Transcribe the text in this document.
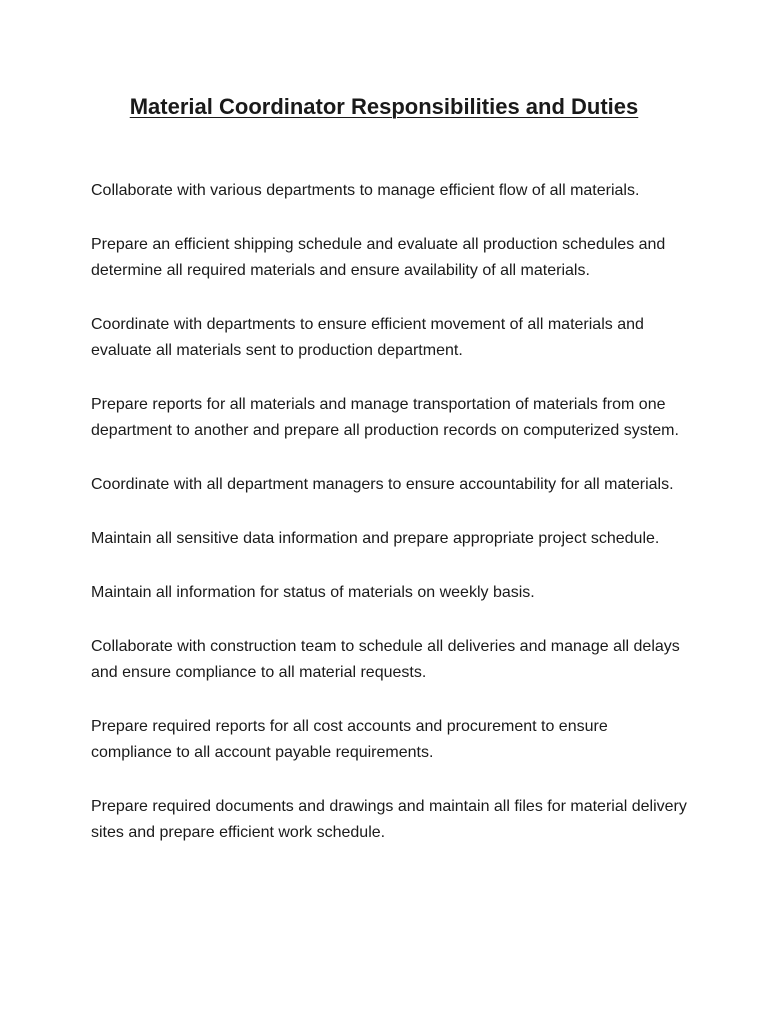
Material Coordinator Responsibilities and Duties
Collaborate with various departments to manage efficient flow of all materials.
Prepare an efficient shipping schedule and evaluate all production schedules and determine all required materials and ensure availability of all materials.
Coordinate with departments to ensure efficient movement of all materials and evaluate all materials sent to production department.
Prepare reports for all materials and manage transportation of materials from one department to another and prepare all production records on computerized system.
Coordinate with all department managers to ensure accountability for all materials.
Maintain all sensitive data information and prepare appropriate project schedule.
Maintain all information for status of materials on weekly basis.
Collaborate with construction team to schedule all deliveries and manage all delays and ensure compliance to all material requests.
Prepare required reports for all cost accounts and procurement to ensure compliance to all account payable requirements.
Prepare required documents and drawings and maintain all files for material delivery sites and prepare efficient work schedule.
